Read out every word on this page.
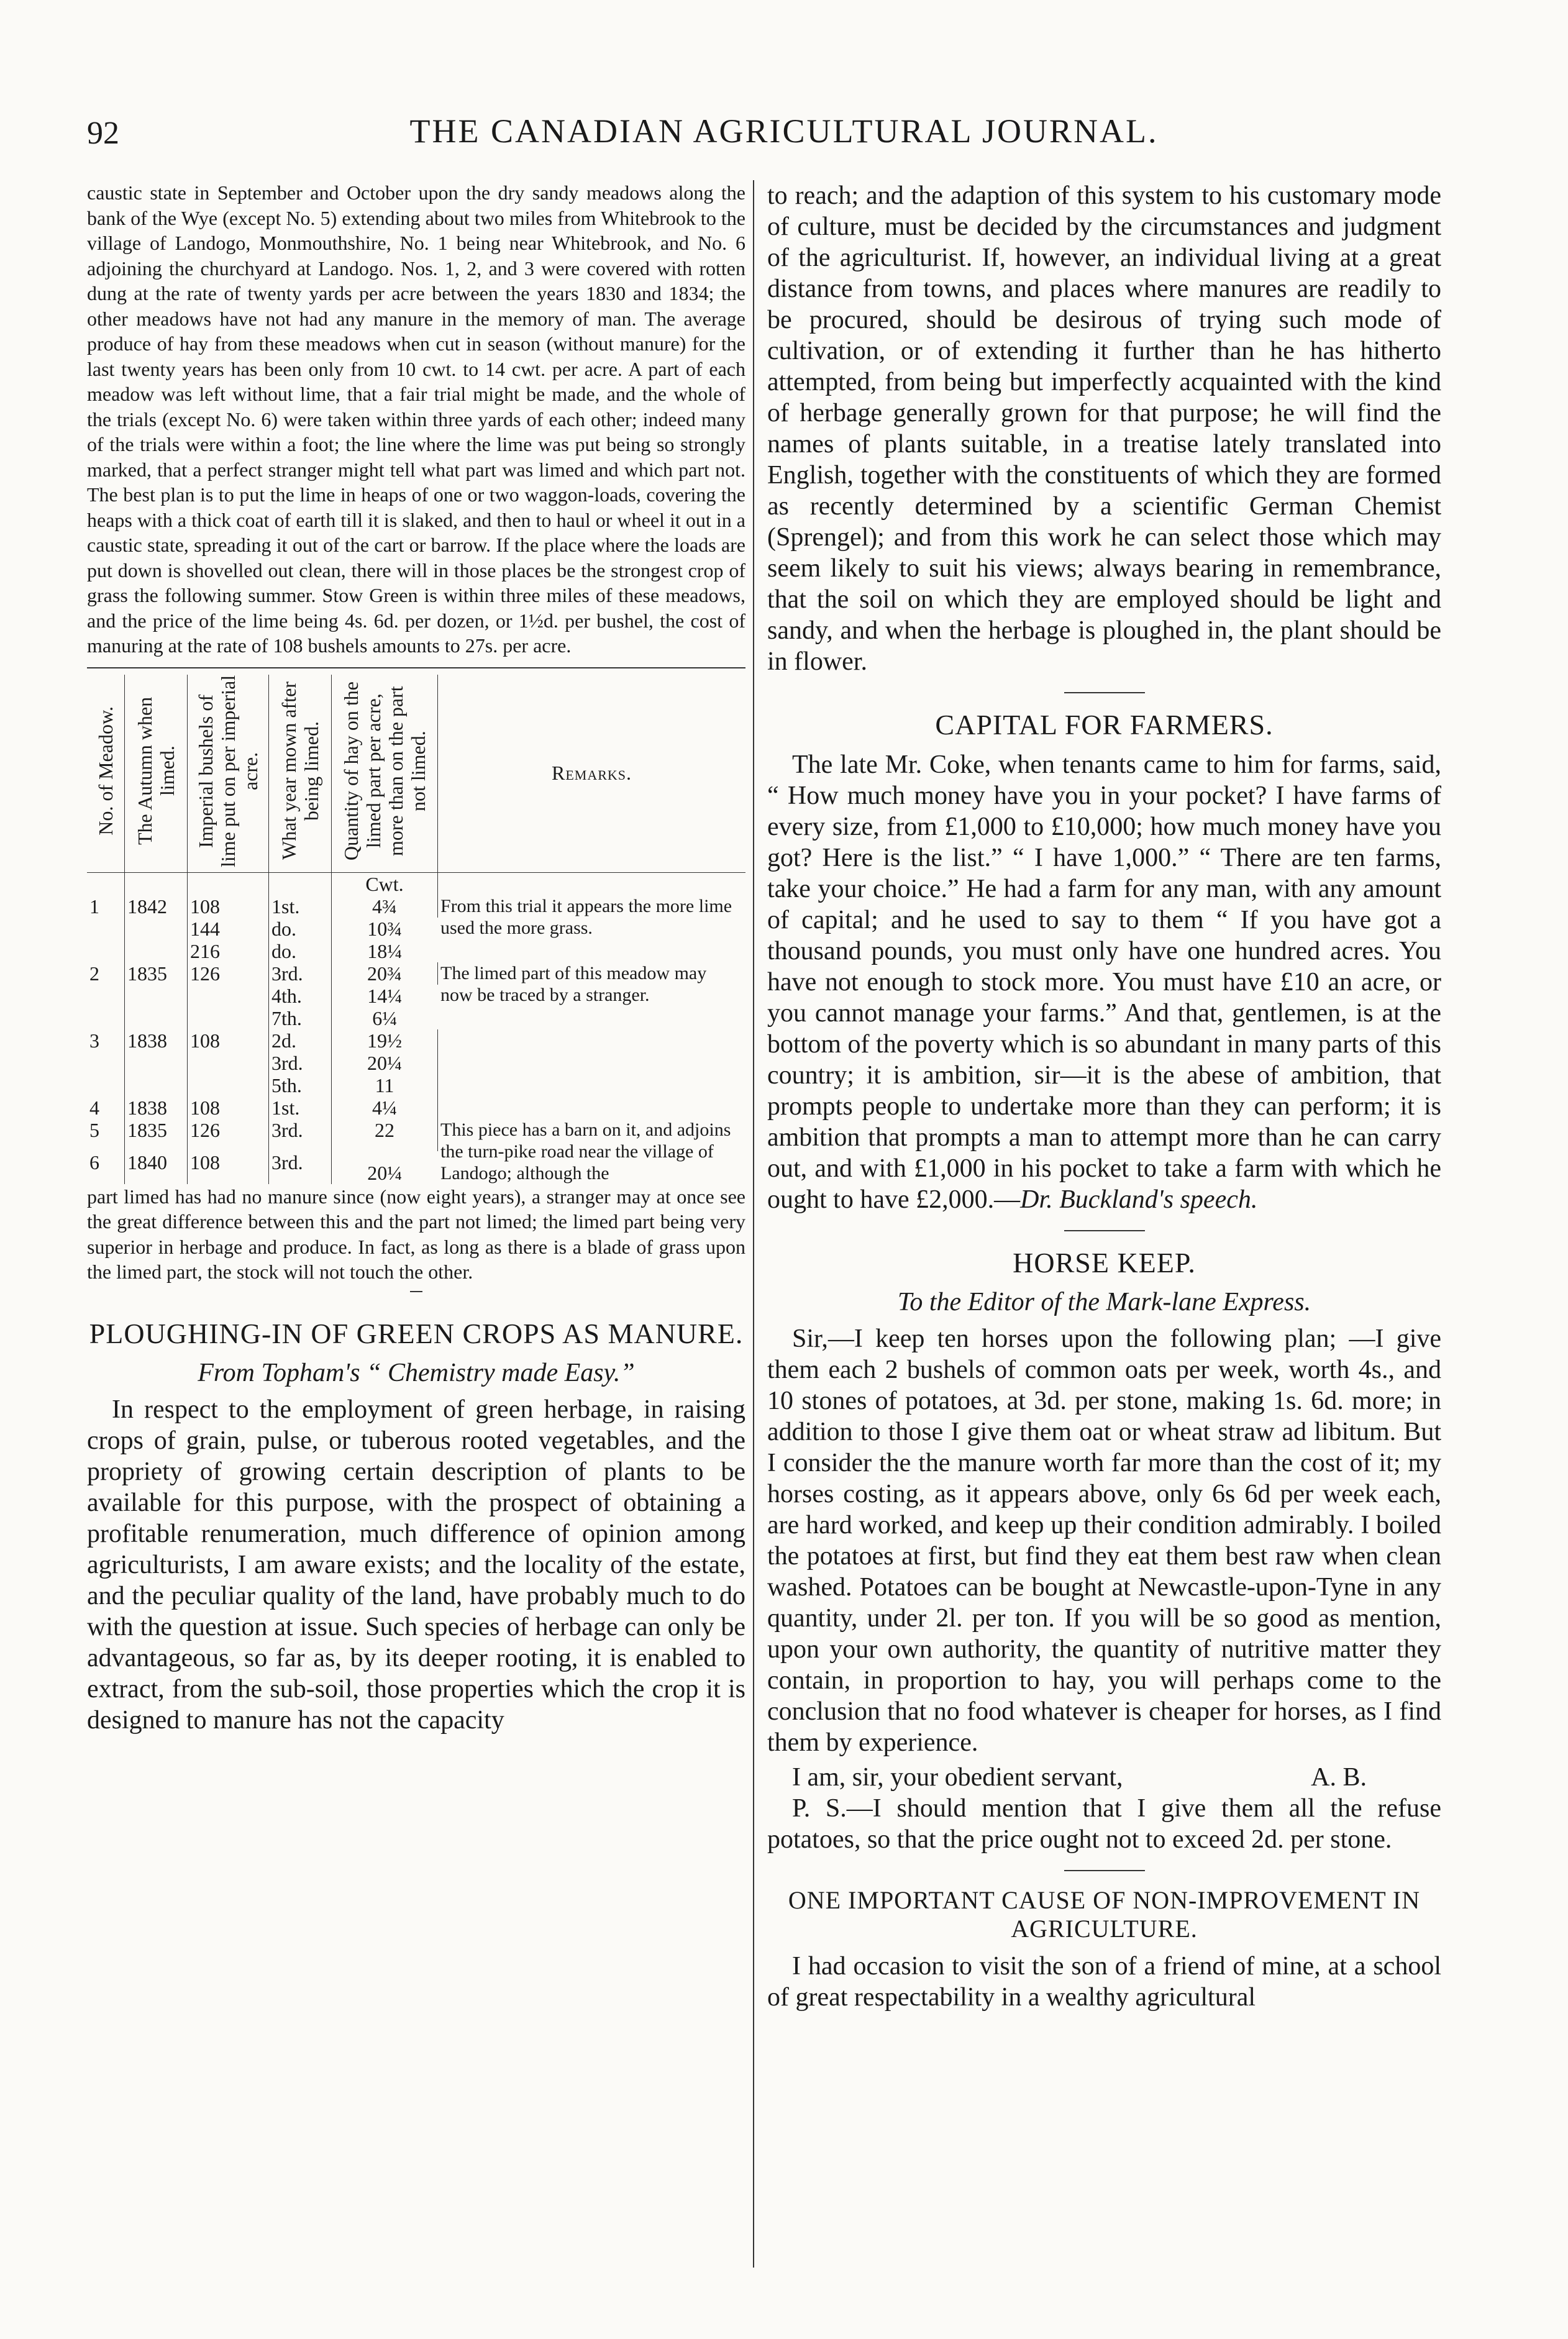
92	THE CANADIAN AGRICULTURAL JOURNAL.

caustic state in September and October upon the dry sandy meadows along the bank of the Wye (except No. 5) extending about two miles from Whitebrook to the village of Landogo, Monmouthshire, No. 1 being near Whitebrook, and No. 6 adjoining the churchyard at Landogo. Nos. 1, 2, and 3 were covered with rotten dung at the rate of twenty yards per acre between the years 1830 and 1834; the other meadows have not had any manure in the memory of man. The average produce of hay from these meadows when cut in season (without manure) for the last twenty years has been only from 10 cwt. to 14 cwt. per acre. A part of each meadow was left without lime, that a fair trial might be made, and the whole of the trials (except No. 6) were taken within three yards of each other; indeed many of the trials were within a foot; the line where the lime was put being so strongly marked, that a perfect stranger might tell what part was limed and which part not. The best plan is to put the lime in heaps of one or two waggon-loads, covering the heaps with a thick coat of earth till it is slaked, and then to haul or wheel it out in a caustic state, spreading it out of the cart or barrow. If the place where the loads are put down is shovelled out clean, there will in those places be the strongest crop of grass the following summer. Stow Green is within three miles of these meadows, and the price of the lime being 4s. 6d. per dozen, or 1½d. per bushel, the cost of manuring at the rate of 108 bushels amounts to 27s. per acre.

No. of Meadow.	The Autumn when limed.	Imperial bushels of lime put on per imperial acre.	What year mown after being limed.	Quantity of hay on the limed part per acre, more than on the part not limed.	Remarks.
				Cwt.	
1	1842	108	1st.	4¾	From this trial it appears the more lime used the more grass.
		144	do.	10¾	
		216	do.	18¼	
2	1835	126	3rd.	20¾	The limed part of this meadow may now be traced by a stranger.
			4th.	14¼	
			7th.	6¼	
3	1838	108	2d.	19½	
			3rd.	20¼	
			5th.	11	
4	1838	108	1st.	4¼	
5	1835	126	3rd.	22	This piece has a barn on it, and adjoins the turn-pike road near the village of Landogo; although the
6	1840	108	3rd.	20¼	

part limed has had no manure since (now eight years), a stranger may at once see the great difference between this and the part not limed; the limed part being very superior in herbage and produce. In fact, as long as there is a blade of grass upon the limed part, the stock will not touch the other.

PLOUGHING-IN OF GREEN CROPS AS MANURE.
From Topham's “ Chemistry made Easy.”

In respect to the employment of green herbage, in raising crops of grain, pulse, or tuberous rooted vegetables, and the propriety of growing certain description of plants to be available for this purpose, with the prospect of obtaining a profitable renumeration, much difference of opinion among agriculturists, I am aware exists; and the locality of the estate, and the peculiar quality of the land, have probably much to do with the question at issue. Such species of herbage can only be advantageous, so far as, by its deeper rooting, it is enabled to extract, from the sub-soil, those properties which the crop it is designed to manure has not the capacity

to reach; and the adaption of this system to his customary mode of culture, must be decided by the circumstances and judgment of the agriculturist. If, however, an individual living at a great distance from towns, and places where manures are readily to be procured, should be desirous of trying such mode of cultivation, or of extending it further than he has hitherto attempted, from being but imperfectly acquainted with the kind of herbage generally grown for that purpose; he will find the names of plants suitable, in a treatise lately translated into English, together with the constituents of which they are formed as recently determined by a scientific German Chemist (Sprengel); and from this work he can select those which may seem likely to suit his views; always bearing in remembrance, that the soil on which they are employed should be light and sandy, and when the herbage is ploughed in, the plant should be in flower.

CAPITAL FOR FARMERS.

The late Mr. Coke, when tenants came to him for farms, said, “ How much money have you in your pocket? I have farms of every size, from £1,000 to £10,000; how much money have you got? Here is the list.” “ I have 1,000.” “ There are ten farms, take your choice.” He had a farm for any man, with any amount of capital; and he used to say to them “ If you have got a thousand pounds, you must only have one hundred acres. You have not enough to stock more. You must have £10 an acre, or you cannot manage your farms.” And that, gentlemen, is at the bottom of the poverty which is so abundant in many parts of this country; it is ambition, sir—it is the abese of ambition, that prompts people to undertake more than they can perform; it is ambition that prompts a man to attempt more than he can carry out, and with £1,000 in his pocket to take a farm with which he ought to have £2,000.—Dr. Buckland's speech.

HORSE KEEP.
To the Editor of the Mark-lane Express.

Sir,—I keep ten horses upon the following plan; —I give them each 2 bushels of common oats per week, worth 4s., and 10 stones of potatoes, at 3d. per stone, making 1s. 6d. more; in addition to those I give them oat or wheat straw ad libitum. But I consider the the manure worth far more than the cost of it; my horses costing, as it appears above, only 6s 6d per week each, are hard worked, and keep up their condition admirably. I boiled the potatoes at first, but find they eat them best raw when clean washed. Potatoes can be bought at Newcastle-upon-Tyne in any quantity, under 2l. per ton. If you will be so good as mention, upon your own authority, the quantity of nutritive matter they contain, in proportion to hay, you will perhaps come to the conclusion that no food whatever is cheaper for horses, as I find them by experience.

I am, sir, your obedient servant,	A. B.

P. S.—I should mention that I give them all the refuse potatoes, so that the price ought not to exceed 2d. per stone.

ONE IMPORTANT CAUSE OF NON-IMPROVEMENT IN AGRICULTURE.

I had occasion to visit the son of a friend of mine, at a school of great respectability in a wealthy agricultural
